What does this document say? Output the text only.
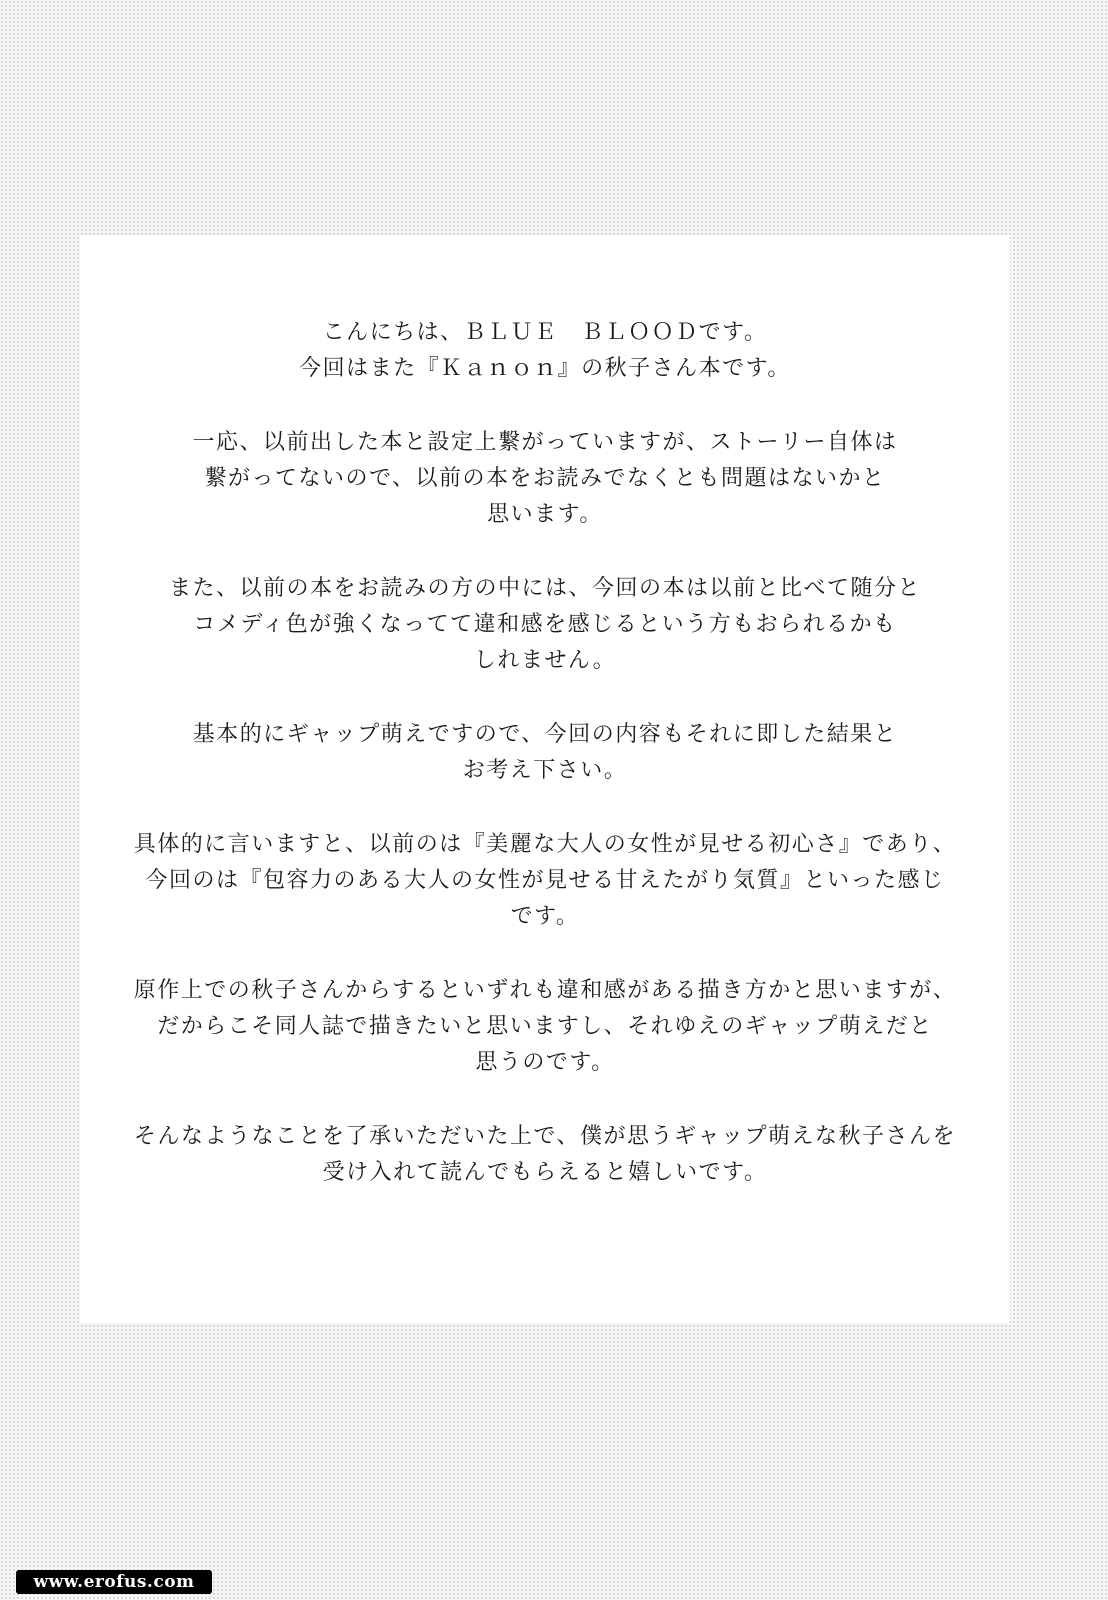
こんにちは、ＢＬＵＥ　ＢＬＯＯＤです。
今回はまた『Ｋａｎｏｎ』の秋子さん本です。

一応、以前出した本と設定上繋がっていますが、ストーリー自体は
繋がってないので、以前の本をお読みでなくとも問題はないかと
思います。

また、以前の本をお読みの方の中には、今回の本は以前と比べて随分と
コメディ色が強くなってて違和感を感じるという方もおられるかも
しれません。

基本的にギャップ萌えですので、今回の内容もそれに即した結果と
お考え下さい。

具体的に言いますと、以前のは『美麗な大人の女性が見せる初心さ』であり、
今回のは『包容力のある大人の女性が見せる甘えたがり気質』といった感じ
です。

原作上での秋子さんからするといずれも違和感がある描き方かと思いますが、
だからこそ同人誌で描きたいと思いますし、それゆえのギャップ萌えだと
思うのです。

そんなようなことを了承いただいた上で、僕が思うギャップ萌えな秋子さんを
受け入れて読んでもらえると嬉しいです。

www.erofus.com
